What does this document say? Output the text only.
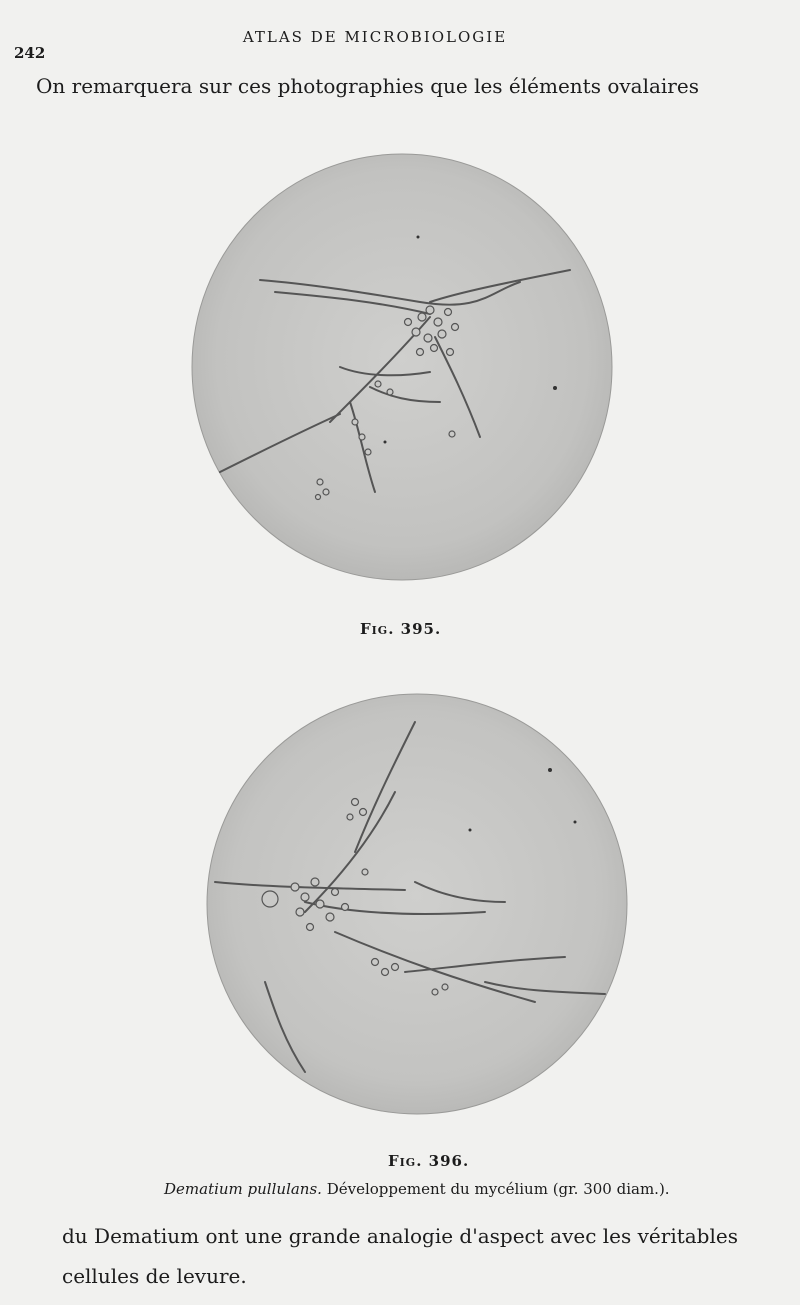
242
ATLAS DE MICROBIOLOGIE
On remarquera sur ces photographies que les éléments ovalaires
Fig. 395.
Fig. 396.
Dematium pullulans. Développement du mycélium (gr. 300 diam.).
du Dematium ont une grande analogie d'aspect avec les véritables
cellules de levure.
